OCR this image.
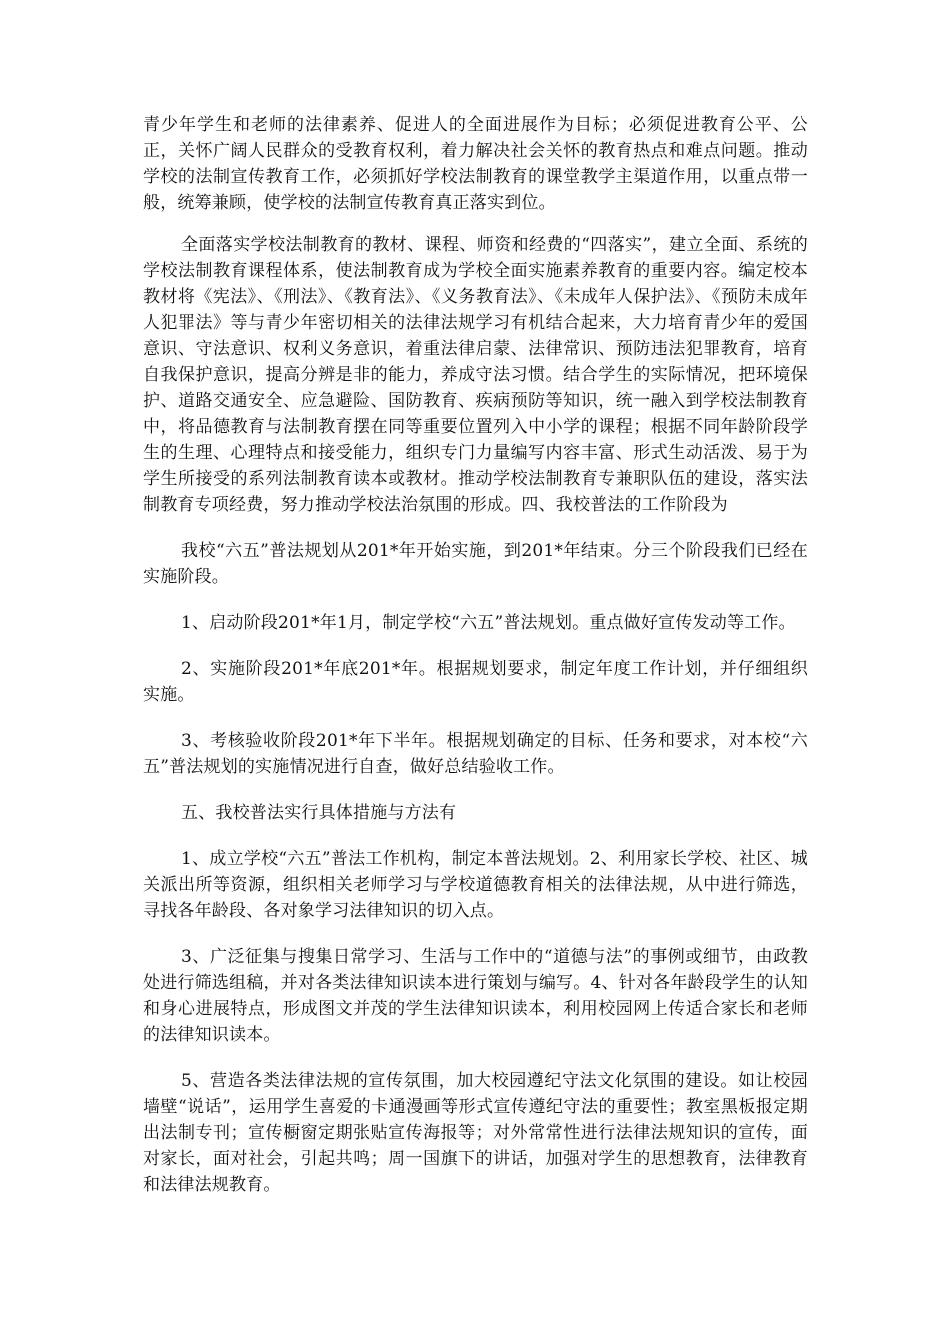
青少年学生和老师的法律素养、促进人的全面进展作为目标；必须促进教育公平、公正，关怀广阔人民群众的受教育权利，着力解决社会关怀的教育热点和难点问题。推动学校的法制宣传教育工作，必须抓好学校法制教育的课堂教学主渠道作用，以重点带一般，统筹兼顾，使学校的法制宣传教育真正落实到位。

全面落实学校法制教育的教材、课程、师资和经费的“四落实”，建立全面、系统的学校法制教育课程体系，使法制教育成为学校全面实施素养教育的重要内容。编定校本教材将《宪法》、《刑法》、《教育法》、《义务教育法》、《未成年人保护法》、《预防未成年人犯罪法》等与青少年密切相关的法律法规学习有机结合起来，大力培育青少年的爱国意识、守法意识、权利义务意识，着重法律启蒙、法律常识、预防违法犯罪教育，培育自我保护意识，提高分辨是非的能力，养成守法习惯。结合学生的实际情况，把环境保护、道路交通安全、应急避险、国防教育、疾病预防等知识，统一融入到学校法制教育中，将品德教育与法制教育摆在同等重要位置列入中小学的课程；根据不同年龄阶段学生的生理、心理特点和接受能力，组织专门力量编写内容丰富、形式生动活泼、易于为学生所接受的系列法制教育读本或教材。推动学校法制教育专兼职队伍的建设，落实法制教育专项经费，努力推动学校法治氛围的形成。四、我校普法的工作阶段为

我校“六五”普法规划从201*年开始实施，到201*年结束。分三个阶段我们已经在实施阶段。

1、启动阶段201*年1月，制定学校“六五”普法规划。重点做好宣传发动等工作。

2、实施阶段201*年底201*年。根据规划要求，制定年度工作计划，并仔细组织实施。

3、考核验收阶段201*年下半年。根据规划确定的目标、任务和要求，对本校“六五”普法规划的实施情况进行自查，做好总结验收工作。

五、我校普法实行具体措施与方法有

1、成立学校“六五”普法工作机构，制定本普法规划。2、利用家长学校、社区、城关派出所等资源，组织相关老师学习与学校道德教育相关的法律法规，从中进行筛选，寻找各年龄段、各对象学习法律知识的切入点。

3、广泛征集与搜集日常学习、生活与工作中的“道德与法”的事例或细节，由政教处进行筛选组稿，并对各类法律知识读本进行策划与编写。4、针对各年龄段学生的认知和身心进展特点，形成图文并茂的学生法律知识读本，利用校园网上传适合家长和老师的法律知识读本。

5、营造各类法律法规的宣传氛围，加大校园遵纪守法文化氛围的建设。如让校园墙壁“说话”，运用学生喜爱的卡通漫画等形式宣传遵纪守法的重要性；教室黑板报定期出法制专刊；宣传橱窗定期张贴宣传海报等；对外常常性进行法律法规知识的宣传，面对家长，面对社会，引起共鸣；周一国旗下的讲话，加强对学生的思想教育，法律教育和法律法规教育。
